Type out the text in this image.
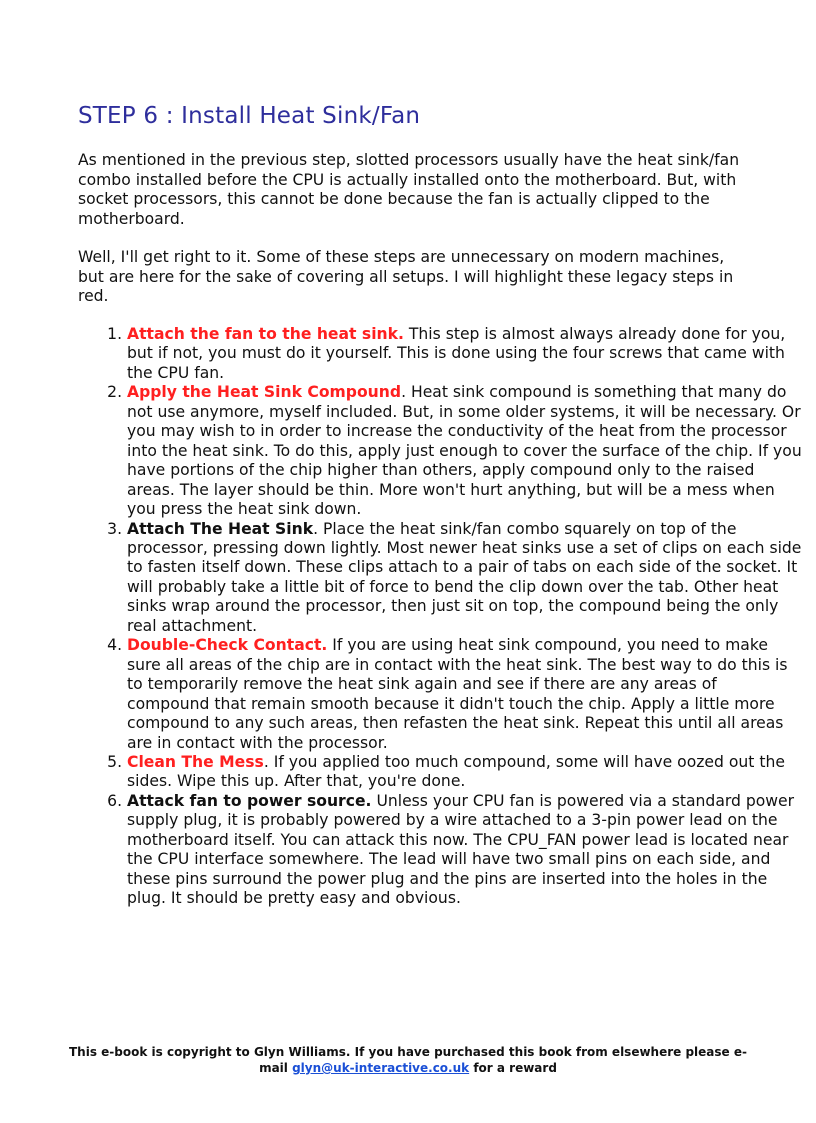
STEP 6 : Install Heat Sink/Fan

As mentioned in the previous step, slotted processors usually have the heat sink/fan combo installed before the CPU is actually installed onto the motherboard. But, with socket processors, this cannot be done because the fan is actually clipped to the motherboard.

Well, I'll get right to it. Some of these steps are unnecessary on modern machines, but are here for the sake of covering all setups. I will highlight these legacy steps in red.

1. Attach the fan to the heat sink. This step is almost always already done for you, but if not, you must do it yourself. This is done using the four screws that came with the CPU fan.
2. Apply the Heat Sink Compound. Heat sink compound is something that many do not use anymore, myself included. But, in some older systems, it will be necessary. Or you may wish to in order to increase the conductivity of the heat from the processor into the heat sink. To do this, apply just enough to cover the surface of the chip. If you have portions of the chip higher than others, apply compound only to the raised areas. The layer should be thin. More won't hurt anything, but will be a mess when you press the heat sink down.
3. Attach The Heat Sink. Place the heat sink/fan combo squarely on top of the processor, pressing down lightly. Most newer heat sinks use a set of clips on each side to fasten itself down. These clips attach to a pair of tabs on each side of the socket. It will probably take a little bit of force to bend the clip down over the tab. Other heat sinks wrap around the processor, then just sit on top, the compound being the only real attachment.
4. Double-Check Contact. If you are using heat sink compound, you need to make sure all areas of the chip are in contact with the heat sink. The best way to do this is to temporarily remove the heat sink again and see if there are any areas of compound that remain smooth because it didn't touch the chip. Apply a little more compound to any such areas, then refasten the heat sink. Repeat this until all areas are in contact with the processor.
5. Clean The Mess. If you applied too much compound, some will have oozed out the sides. Wipe this up. After that, you're done.
6. Attack fan to power source. Unless your CPU fan is powered via a standard power supply plug, it is probably powered by a wire attached to a 3-pin power lead on the motherboard itself. You can attack this now. The CPU_FAN power lead is located near the CPU interface somewhere. The lead will have two small pins on each side, and these pins surround the power plug and the pins are inserted into the holes in the plug. It should be pretty easy and obvious.

This e-book is copyright to Glyn Williams. If you have purchased this book from elsewhere please e-mail glyn@uk-interactive.co.uk for a reward
